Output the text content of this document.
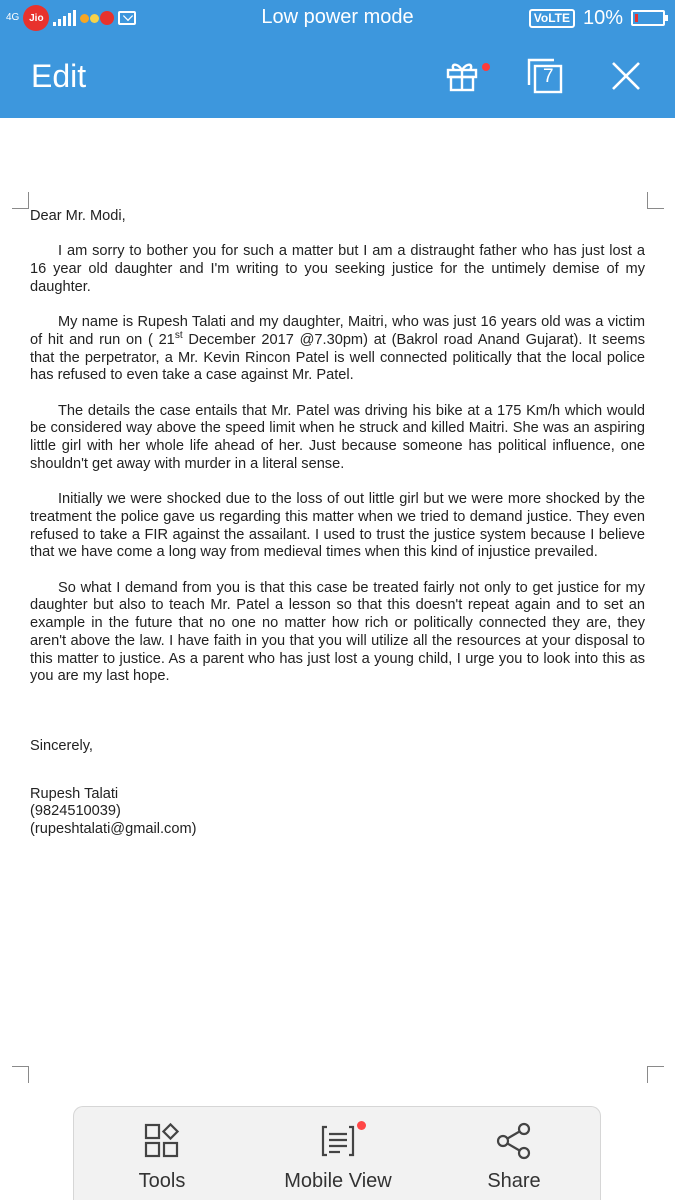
4G Jio	Low power mode	VoLTE 10%
Edit	7

Dear Mr. Modi,

I am sorry to bother you for such a matter but I am a distraught father who has just lost a 16 year old daughter and I'm writing to you seeking justice for the untimely demise of my daughter.

My name is Rupesh Talati and my daughter, Maitri, who was just 16 years old was a victim of hit and run on ( 21st December 2017 @7.30pm) at (Bakrol road Anand Gujarat). It seems that the perpetrator, a Mr. Kevin Rincon Patel is well connected politically that the local police has refused to even take a case against Mr. Patel.

The details the case entails that Mr. Patel was driving his bike at a 175 Km/h which would be considered way above the speed limit when he struck and killed Maitri. She was an aspiring little girl with her whole life ahead of her. Just because someone has political influence, one shouldn't get away with murder in a literal sense.

Initially we were shocked due to the loss of out little girl but we were more shocked by the treatment the police gave us regarding this matter when we tried to demand justice. They even refused to take a FIR against the assailant. I used to trust the justice system because I believe that we have come a long way from medieval times when this kind of injustice prevailed.

So what I demand from you is that this case be treated fairly not only to get justice for my daughter but also to teach Mr. Patel a lesson so that this doesn't repeat again and to set an example in the future that no one no matter how rich or politically connected they are, they aren't above the law. I have faith in you that you will utilize all the resources at your disposal to this matter to justice. As a parent who has just lost a young child, I urge you to look into this as you are my last hope.

Sincerely,

Rupesh Talati

(9824510039)

(rupeshtalati@gmail.com)

Tools	Mobile View	Share
